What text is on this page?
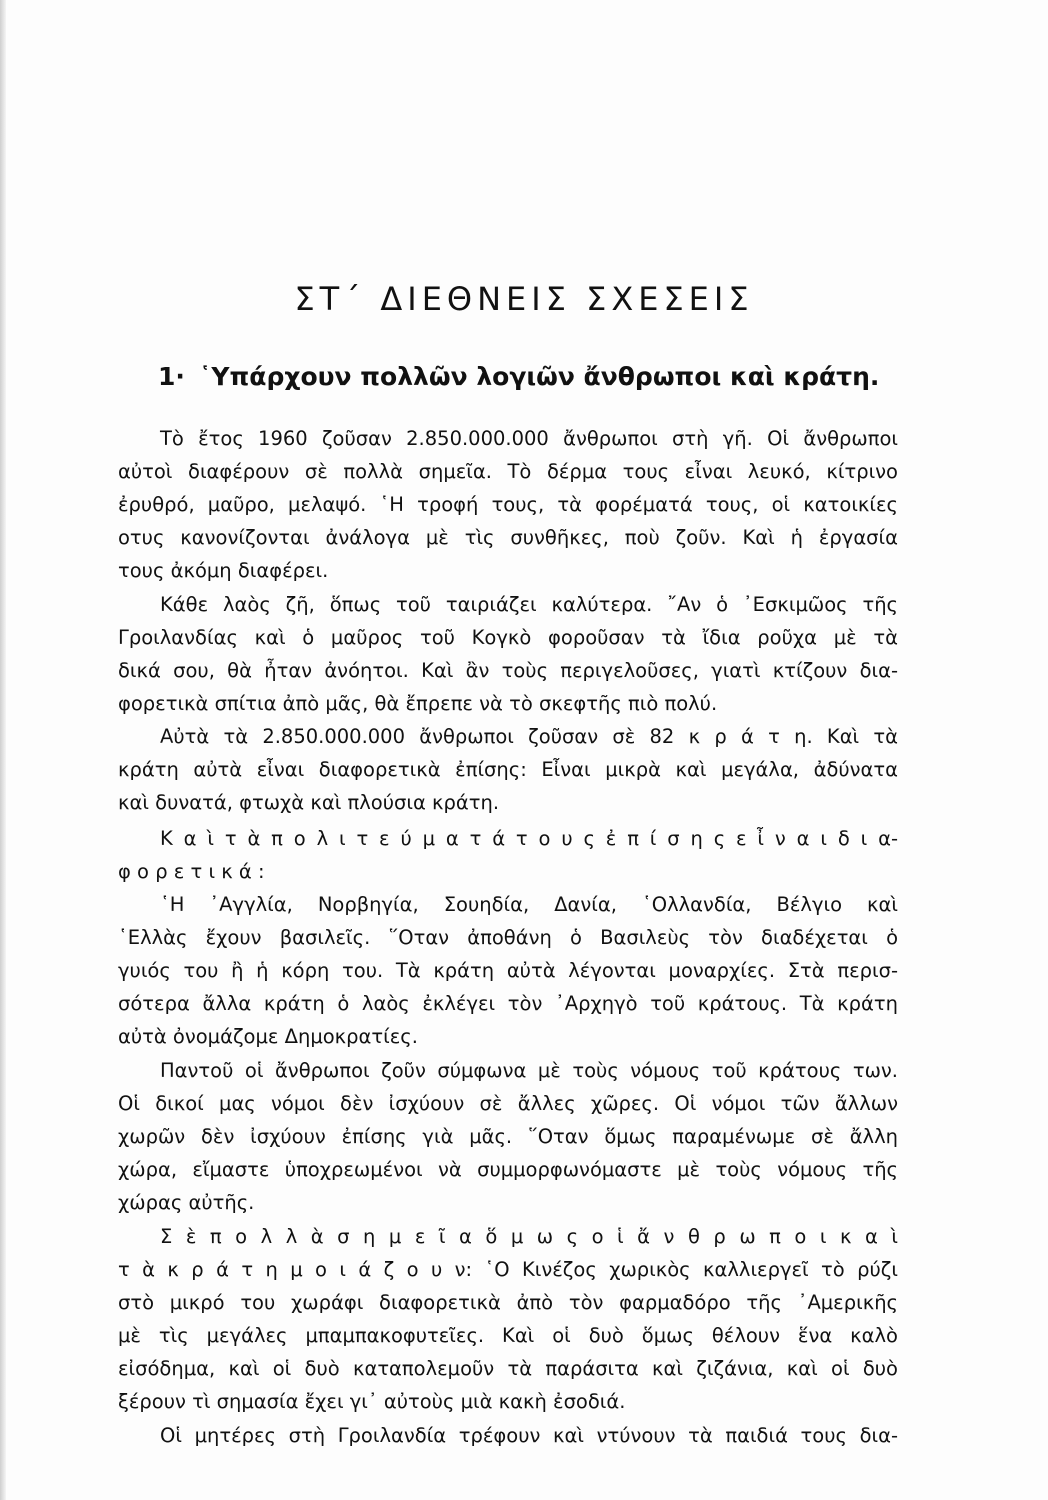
ΣΤ΄ ΔΙΕΘΝΕΙΣ ΣΧΕΣΕΙΣ
1· ῾Υπάρχουν πολλῶν λογιῶν ἄνθρωποι καὶ κράτη.

Τὸ ἔτος 1960 ζοῦσαν 2.850.000.000 ἄνθρωποι στὴ γῆ. Οἱ ἄνθρωποι

αὐτοὶ διαφέρουν σὲ πολλὰ σημεῖα. Τὸ δέρμα τους εἶναι λευκό, κίτρινο

ἐρυθρό, μαῦρο, μελαψό. ῾Η τροφή τους, τὰ φορέματά τους, οἱ κατοικίες

οτυς κανονίζονται ἀνάλογα μὲ τὶς συνθῆκες, ποὺ ζοῦν. Καὶ ἡ ἐργασία

τους ἀκόμη διαφέρει.

Κάθε λαὸς ζῆ, ὅπως τοῦ ταιριάζει καλύτερα. ῎Αν ὁ ᾿Εσκιμῶος τῆς

Γροιλανδίας καὶ ὁ μαῦρος τοῦ Κογκὸ φοροῦσαν τὰ ἴδια ροῦχα μὲ τὰ

δικά σου, θὰ ἦταν ἀνόητοι. Καὶ ἂν τοὺς περιγελοῦσες, γιατὶ κτίζουν δια-

φορετικὰ σπίτια ἀπὸ μᾶς, θὰ ἔπρεπε νὰ τὸ σκεφτῆς πιὸ πολύ.

Αὐτὰ τὰ 2.850.000.000 ἄνθρωποι ζοῦσαν σὲ 82 κ ρ ά τ η. Καὶ τὰ

κράτη αὐτὰ εἶναι διαφορετικὰ ἐπίσης: Εἶναι μικρὰ καὶ μεγάλα, ἀδύνατα

καὶ δυνατά, φτωχὰ καὶ πλούσια κράτη.

Κ α ὶ τ ὰ π ο λ ι τ ε ύ μ α τ ά τ ο υ ς ἐ π ί σ η ς ε ἶ ν α ι δ ι α-

φ ο ρ ε τ ι κ ά :

῾Η ᾿Αγγλία, Νορβηγία, Σουηδία, Δανία, ῾Ολλανδία, Βέλγιο καὶ

῾Ελλὰς ἔχουν βασιλεῖς. ῞Οταν ἀποθάνη ὁ Βασιλεὺς τὸν διαδέχεται ὁ

γυιός του ἢ ἡ κόρη του. Τὰ κράτη αὐτὰ λέγονται μοναρχίες. Στὰ περισ-

σότερα ἄλλα κράτη ὁ λαὸς ἐκλέγει τὸν ᾿Αρχηγὸ τοῦ κράτους. Τὰ κράτη

αὐτὰ ὀνομάζομε Δημοκρατίες.

Παντοῦ οἱ ἄνθρωποι ζοῦν σύμφωνα μὲ τοὺς νόμους τοῦ κράτους των.

Οἱ δικοί μας νόμοι δὲν ἰσχύουν σὲ ἄλλες χῶρες. Οἱ νόμοι τῶν ἄλλων

χωρῶν δὲν ἰσχύουν ἐπίσης γιὰ μᾶς. ῞Οταν ὅμως παραμένωμε σὲ ἄλλη

χώρα, εἴμαστε ὑποχρεωμένοι νὰ συμμορφωνόμαστε μὲ τοὺς νόμους τῆς

χώρας αὐτῆς.

Σ ὲ π ο λ λ ὰ σ η μ ε ῖ α ὅ μ ω ς ο ἱ ἄ ν θ ρ ω π ο ι κ α ὶ

τ ὰ κ ρ ά τ η μ ο ι ά ζ ο υ ν: ῾Ο Κινέζος χωρικὸς καλλιεργεῖ τὸ ρύζι

στὸ μικρό του χωράφι διαφορετικὰ ἀπὸ τὸν φαρμαδόρο τῆς ᾿Αμερικῆς

μὲ τὶς μεγάλες μπαμπακοφυτεῖες. Καὶ οἱ δυὸ ὅμως θέλουν ἕνα καλὸ

εἰσόδημα, καὶ οἱ δυὸ καταπολεμοῦν τὰ παράσιτα καὶ ζιζάνια, καὶ οἱ δυὸ

ξέρουν τὶ σημασία ἔχει γι᾿ αὐτοὺς μιὰ κακὴ ἐσοδιά.

Οἱ μητέρες στὴ Γροιλανδία τρέφουν καὶ ντύνουν τὰ παιδιά τους δια-
